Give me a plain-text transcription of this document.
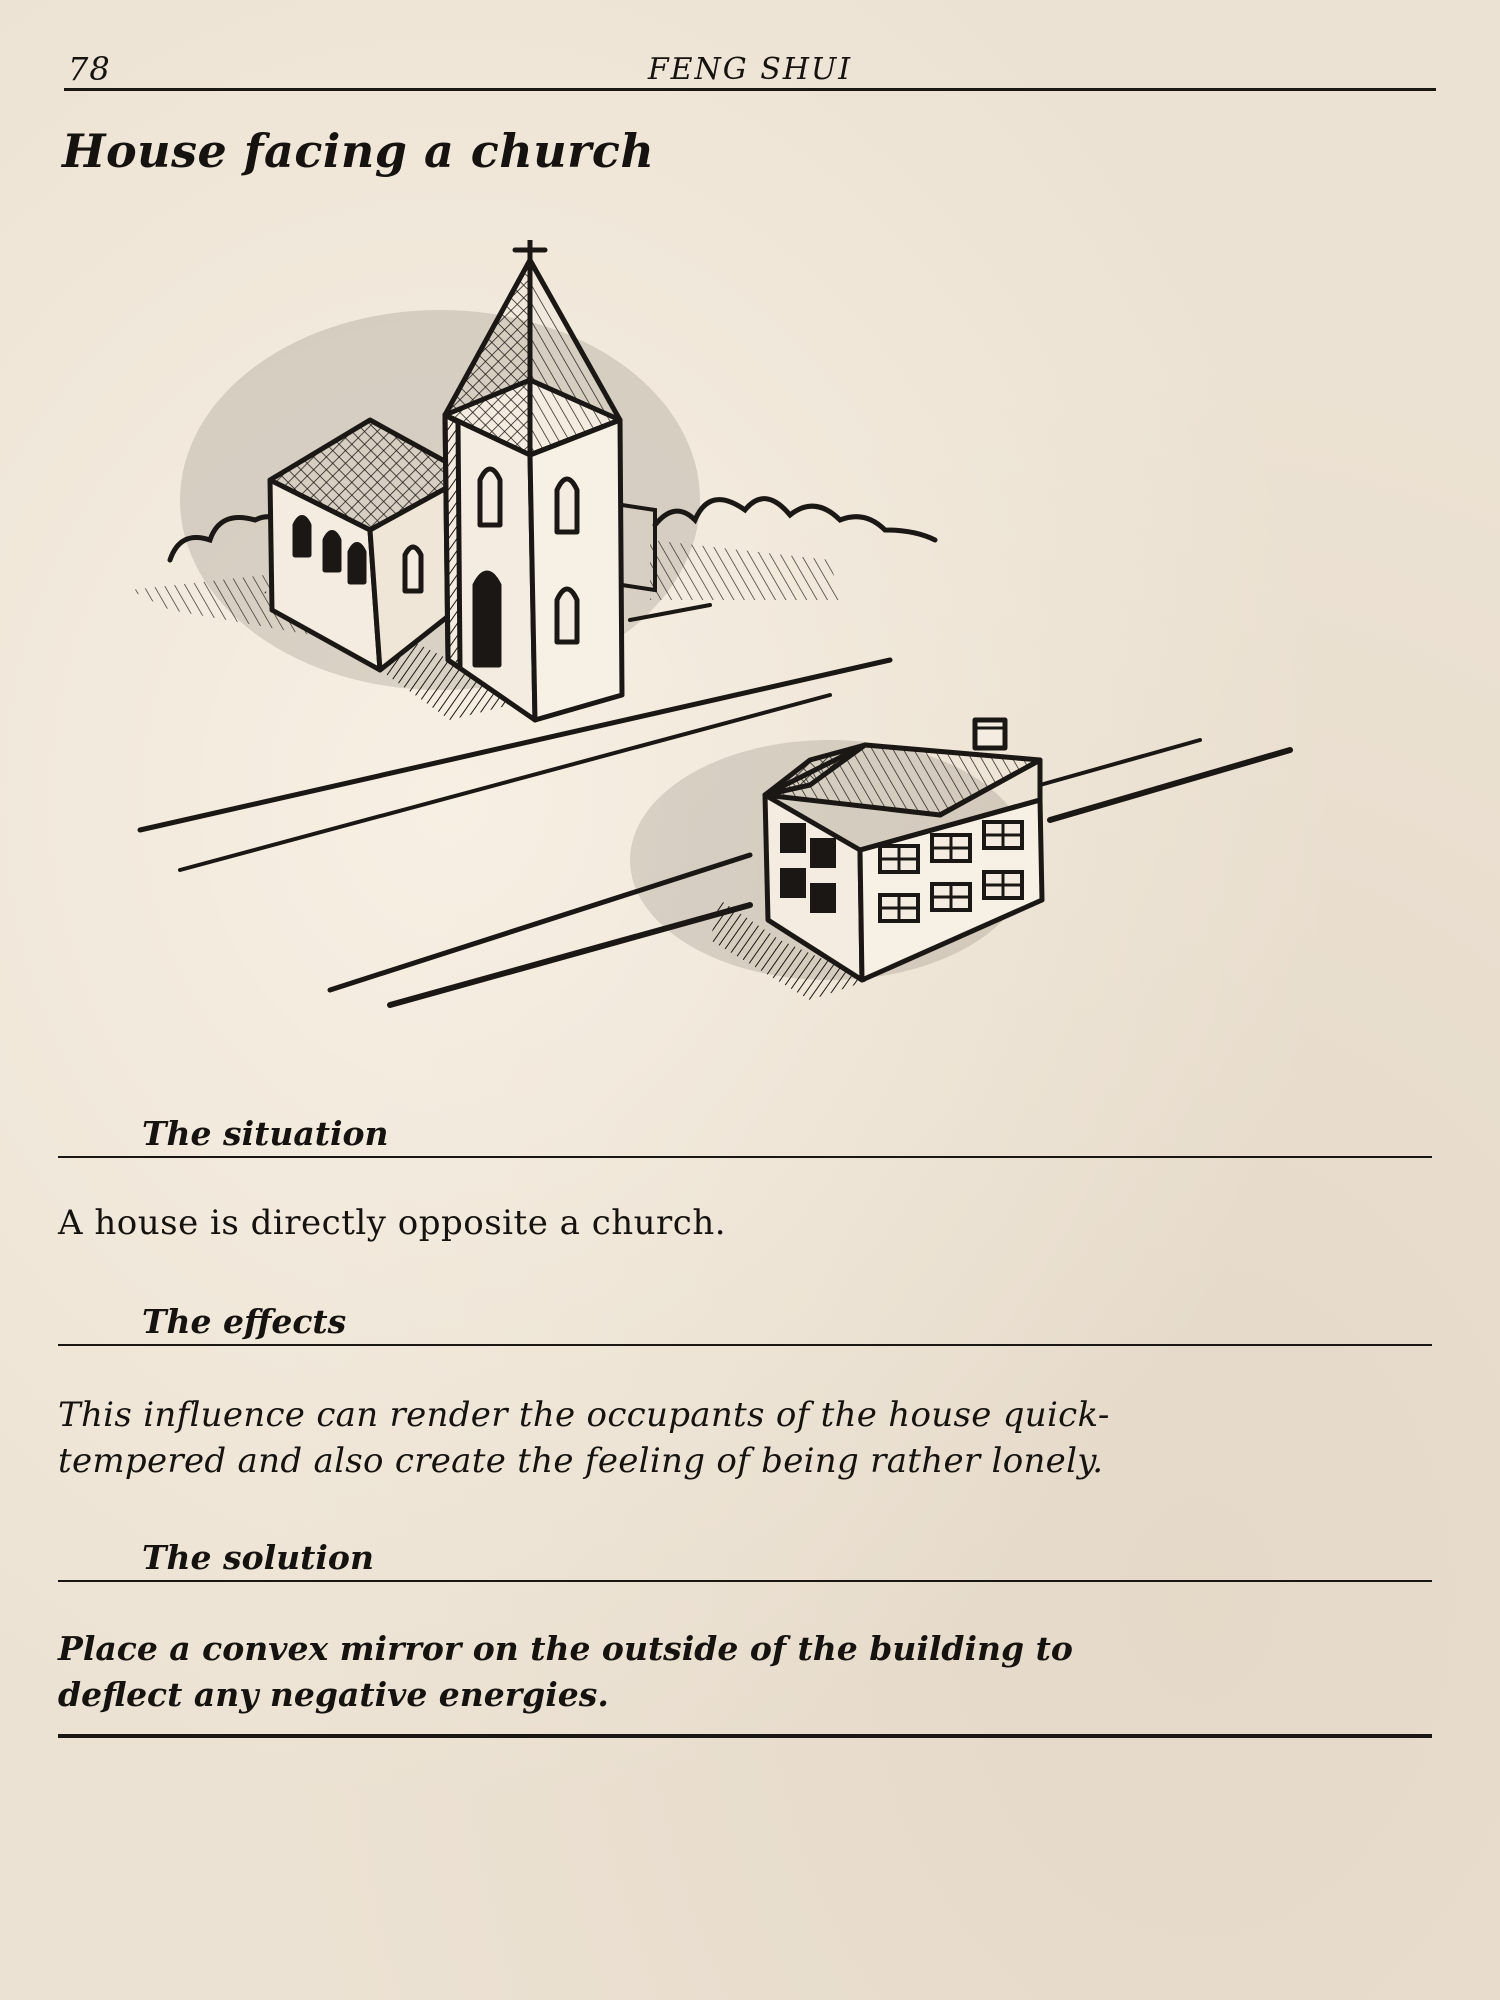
78	FENG SHUI
House facing a church
The situation

A house is directly opposite a church.

The effects

This influence can render the occupants of the house quick-
tempered and also create the feeling of being rather lonely.

The solution

Place a convex mirror on the outside of the building to
deflect any negative energies.
